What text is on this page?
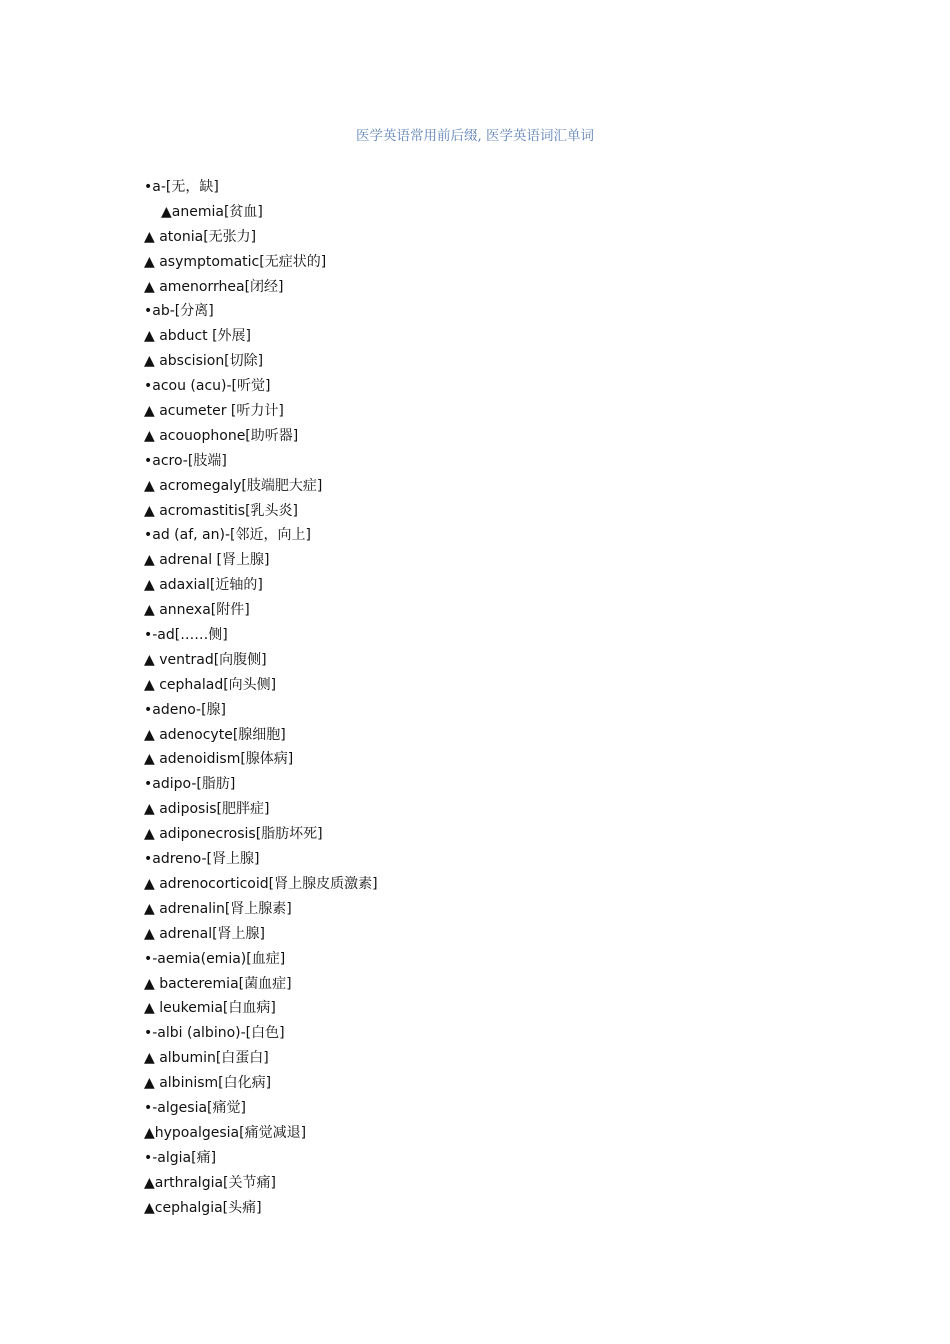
医学英语常用前后缀, 医学英语词汇单词
•a-[无，缺]
▲anemia[贫血]
▲ atonia[无张力]
▲ asymptomatic[无症状的]
▲ amenorrhea[闭经]
•ab-[分离]
▲ abduct [外展]
▲ abscision[切除]
•acou (acu)-[听觉]
▲ acumeter [听力计]
▲ acouophone[助听器]
•acro-[肢端]
▲ acromegaly[肢端肥大症]
▲ acromastitis[乳头炎]
•ad (af, an)-[邻近，向上]
▲ adrenal [肾上腺]
▲ adaxial[近轴的]
▲ annexa[附件]
•-ad[……侧]
▲ ventrad[向腹侧]
▲ cephalad[向头侧]
•adeno-[腺]
▲ adenocyte[腺细胞]
▲ adenoidism[腺体病]
•adipo-[脂肪]
▲ adiposis[肥胖症]
▲ adiponecrosis[脂肪坏死]
•adreno-[肾上腺]
▲ adrenocorticoid[肾上腺皮质激素]
▲ adrenalin[肾上腺素]
▲ adrenal[肾上腺]
•-aemia(emia)[血症]
▲ bacteremia[菌血症]
▲ leukemia[白血病]
•-albi (albino)-[白色]
▲ albumin[白蛋白]
▲ albinism[白化病]
•-algesia[痛觉]
▲hypoalgesia[痛觉减退]
•-algia[痛]
▲arthralgia[关节痛]
▲cephalgia[头痛]
